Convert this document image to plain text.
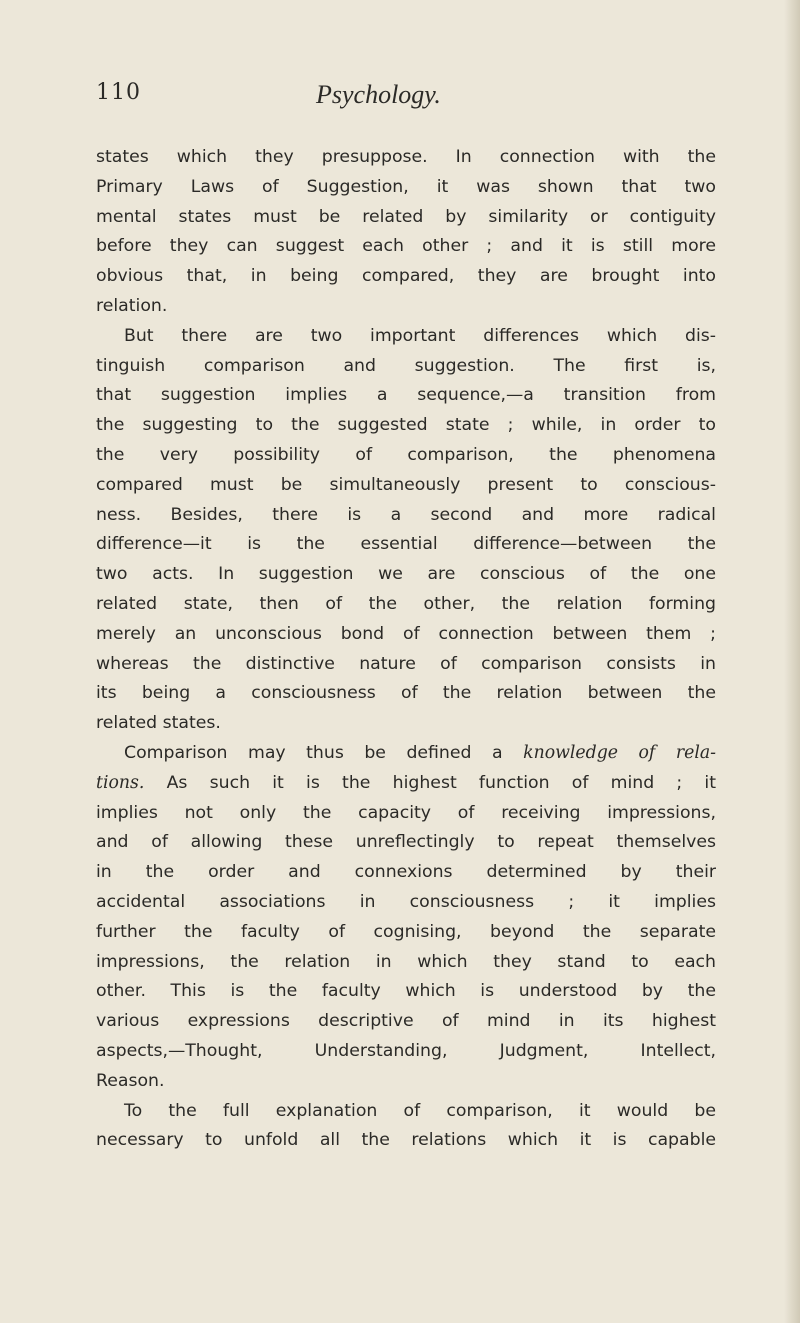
110	Psychology.
states which they presuppose. In connection with the
Primary Laws of Suggestion, it was shown that two
mental states must be related by similarity or contiguity
before they can suggest each other ; and it is still more
obvious that, in being compared, they are brought into
relation.
But there are two important differences which dis-
tinguish comparison and suggestion. The first is,
that suggestion implies a sequence,—a transition from
the suggesting to the suggested state ; while, in order to
the very possibility of comparison, the phenomena
compared must be simultaneously present to conscious-
ness. Besides, there is a second and more radical
difference—it is the essential difference—between the
two acts. In suggestion we are conscious of the one
related state, then of the other, the relation forming
merely an unconscious bond of connection between them ;
whereas the distinctive nature of comparison consists in
its being a consciousness of the relation between the
related states.
Comparison may thus be defined a knowledge of rela-
tions. As such it is the highest function of mind ; it
implies not only the capacity of receiving impressions,
and of allowing these unreflectingly to repeat themselves
in the order and connexions determined by their
accidental associations in consciousness ; it implies
further the faculty of cognising, beyond the separate
impressions, the relation in which they stand to each
other. This is the faculty which is understood by the
various expressions descriptive of mind in its highest
aspects,—Thought, Understanding, Judgment, Intellect,
Reason.
To the full explanation of comparison, it would be
necessary to unfold all the relations which it is capable
